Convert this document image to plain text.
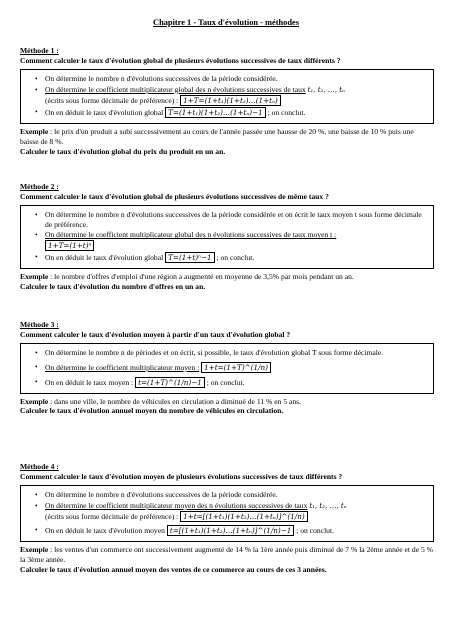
Chapitre 1 - Taux d'évolution - méthodes
Méthode 1 :
Comment calculer le taux d'évolution global de plusieurs évolutions successives de taux différents ?
• On détermine le nombre n d'évolutions successives de la période considérée.
• On détermine le coefficient multiplicateur global des n évolutions successives de taux t₁, t₂, …, tₙ
(écrits sous forme décimale de préférence) : 1+T=(1+t₁)(1+t₂)…(1+tₙ)
• On en déduit le taux d'évolution global T=(1+t₁)(1+t₂)…(1+tₙ)−1 ; on conclut.
Exemple : le prix d'un produit a subi successivement au cours de l'année passée une hausse de 20 %, une baisse de 10 % puis une baisse de 8 %.
Calculer le taux d'évolution global du prix du produit en un an.
Méthode 2 :
Comment calculer le taux d'évolution global de plusieurs évolutions successives de même taux ?
• On détermine le nombre n d'évolutions successives de la période considérée et on écrit le taux moyen t sous forme décimale de préférence.
• On détermine le coefficient multiplicateur global des n évolutions successives de taux moyen t :
1+T=(1+t)ⁿ
• On en déduit le taux d'évolution global T=(1+t)ⁿ−1 ; on conclut.
Exemple : le nombre d'offres d'emploi d'une région a augmenté en moyenne de 3,5% par mois pendant un an.
Calculer le taux d'évolution du nombre d'offres en un an.
Méthode 3 :
Comment calculer le taux d'évolution moyen à partir d'un taux d'évolution global ?
• On détermine le nombre n de périodes et on écrit, si possible, le taux d'évolution global T sous forme décimale.
• On détermine le coefficient multiplicateur moyen : 1+t=(1+T)^(1/n)
• On en déduit le taux moyen : t=(1+T)^(1/n)−1 ; on conclut.
Exemple : dans une ville, le nombre de véhicules en circulation a diminué de 11 % en 5 ans.
Calculer le taux d'évolution annuel moyen du nombre de véhicules en circulation.
Méthode 4 :
Comment calculer le taux d'évolution moyen de plusieurs évolutions successives de taux différents ?
• On détermine le nombre n d'évolutions successives de la période considérée.
• On détermine le coefficient multiplicateur moyen des n évolutions successives de taux t₁, t₂, …, tₙ
(écrits sous forme décimale de préférence) : 1+t=[(1+t₁)(1+t₂)…(1+tₙ)]^(1/n)
• On en déduit le taux d'évolution moyen t=[(1+t₁)(1+t₂)…(1+tₙ)]^(1/n)−1 ; on conclut.
Exemple : les ventes d'un commerce ont successivement augmenté de 14 % la 1ère année puis diminué de 7 % la 2ème année et de 5 % la 3ème année.
Calculer le taux d'évolution annuel moyen des ventes de ce commerce au cours de ces 3 années.
